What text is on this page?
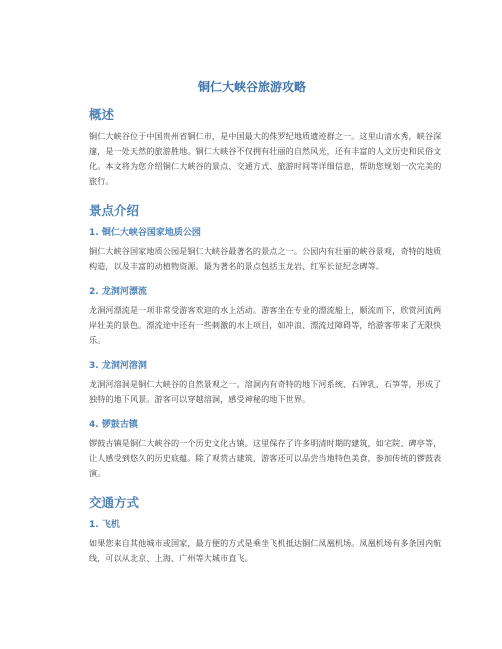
铜仁大峡谷旅游攻略
概述

铜仁大峡谷位于中国贵州省铜仁市，是中国最大的侏罗纪地质遗迹群之一。这里山清水秀，峡谷深邃，是一处天然的旅游胜地。铜仁大峡谷不仅拥有壮丽的自然风光，还有丰富的人文历史和民俗文化。本文将为您介绍铜仁大峡谷的景点、交通方式、旅游时间等详细信息，帮助您规划一次完美的旅行。

景点介绍
1. 铜仁大峡谷国家地质公园

铜仁大峡谷国家地质公园是铜仁大峡谷最著名的景点之一。公园内有壮丽的峡谷景观，奇特的地质构造，以及丰富的动植物资源。最为著名的景点包括玉龙岩、红军长征纪念碑等。

2. 龙洞河漂流

龙洞河漂流是一项非常受游客欢迎的水上活动。游客坐在专业的漂流船上，顺流而下，欣赏河流两岸壮美的景色。漂流途中还有一些刺激的水上项目，如冲浪、漂流过障碍等，给游客带来了无限快乐。

3. 龙洞河溶洞

龙洞河溶洞是铜仁大峡谷的自然景观之一。溶洞内有奇特的地下河系统、石钟乳、石笋等，形成了独特的地下风景。游客可以穿越溶洞，感受神秘的地下世界。

4. 锣鼓古镇

锣鼓古镇是铜仁大峡谷的一个历史文化古镇。这里保存了许多明清时期的建筑，如宅院、碑亭等，让人感受到悠久的历史底蕴。除了观赏古建筑，游客还可以品尝当地特色美食，参加传统的锣鼓表演。

交通方式
1. 飞机

如果您来自其他城市或国家，最方便的方式是乘坐飞机抵达铜仁凤凰机场。凤凰机场有多条国内航线，可以从北京、上海、广州等大城市直飞。
